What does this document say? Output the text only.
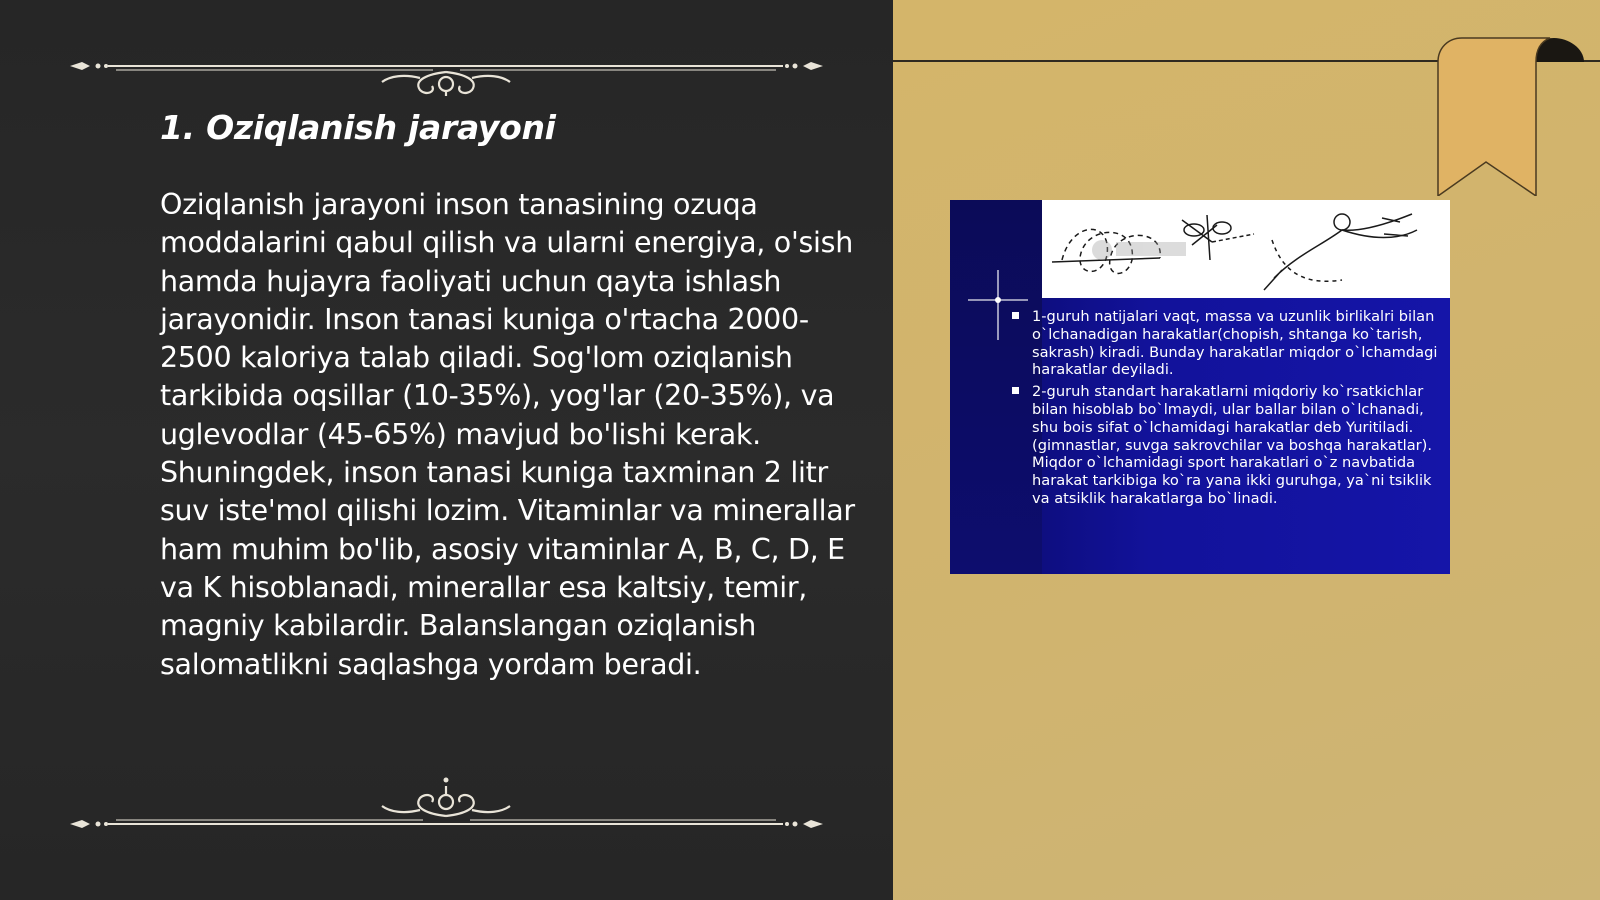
1. Oziqlanish jarayoni

Oziqlanish jarayoni inson tanasining ozuqa moddalarini qabul qilish va ularni energiya, o'sish hamda hujayra faoliyati uchun qayta ishlash jarayonidir. Inson tanasi kuniga o'rtacha 2000-2500 kaloriya talab qiladi. Sog'lom oziqlanish tarkibida oqsillar (10-35%), yog'lar (20-35%), va uglevodlar (45-65%) mavjud bo'lishi kerak. Shuningdek, inson tanasi kuniga taxminan 2 litr suv iste'mol qilishi lozim. Vitaminlar va minerallar ham muhim bo'lib, asosiy vitaminlar A, B, C, D, E va K hisoblanadi, minerallar esa kaltsiy, temir, magniy kabilardir. Balanslangan oziqlanish salomatlikni saqlashga yordam beradi.

1-guruh natijalari vaqt, massa va uzunlik birlikalri bilan o`lchanadigan harakatlar(chopish, shtanga ko`tarish, sakrash) kiradi. Bunday harakatlar miqdor o`lchamdagi harakatlar deyiladi.
2-guruh standart harakatlarni miqdoriy ko`rsatkichlar bilan hisoblab bo`lmaydi, ular ballar bilan o`lchanadi, shu bois sifat o`lchamidagi harakatlar deb Yuritiladi. (gimnastlar, suvga sakrovchilar va boshqa harakatlar). Miqdor o`lchamidagi sport harakatlari o`z navbatida harakat tarkibiga ko`ra yana ikki guruhga, ya`ni tsiklik va atsiklik harakatlarga bo`linadi.
